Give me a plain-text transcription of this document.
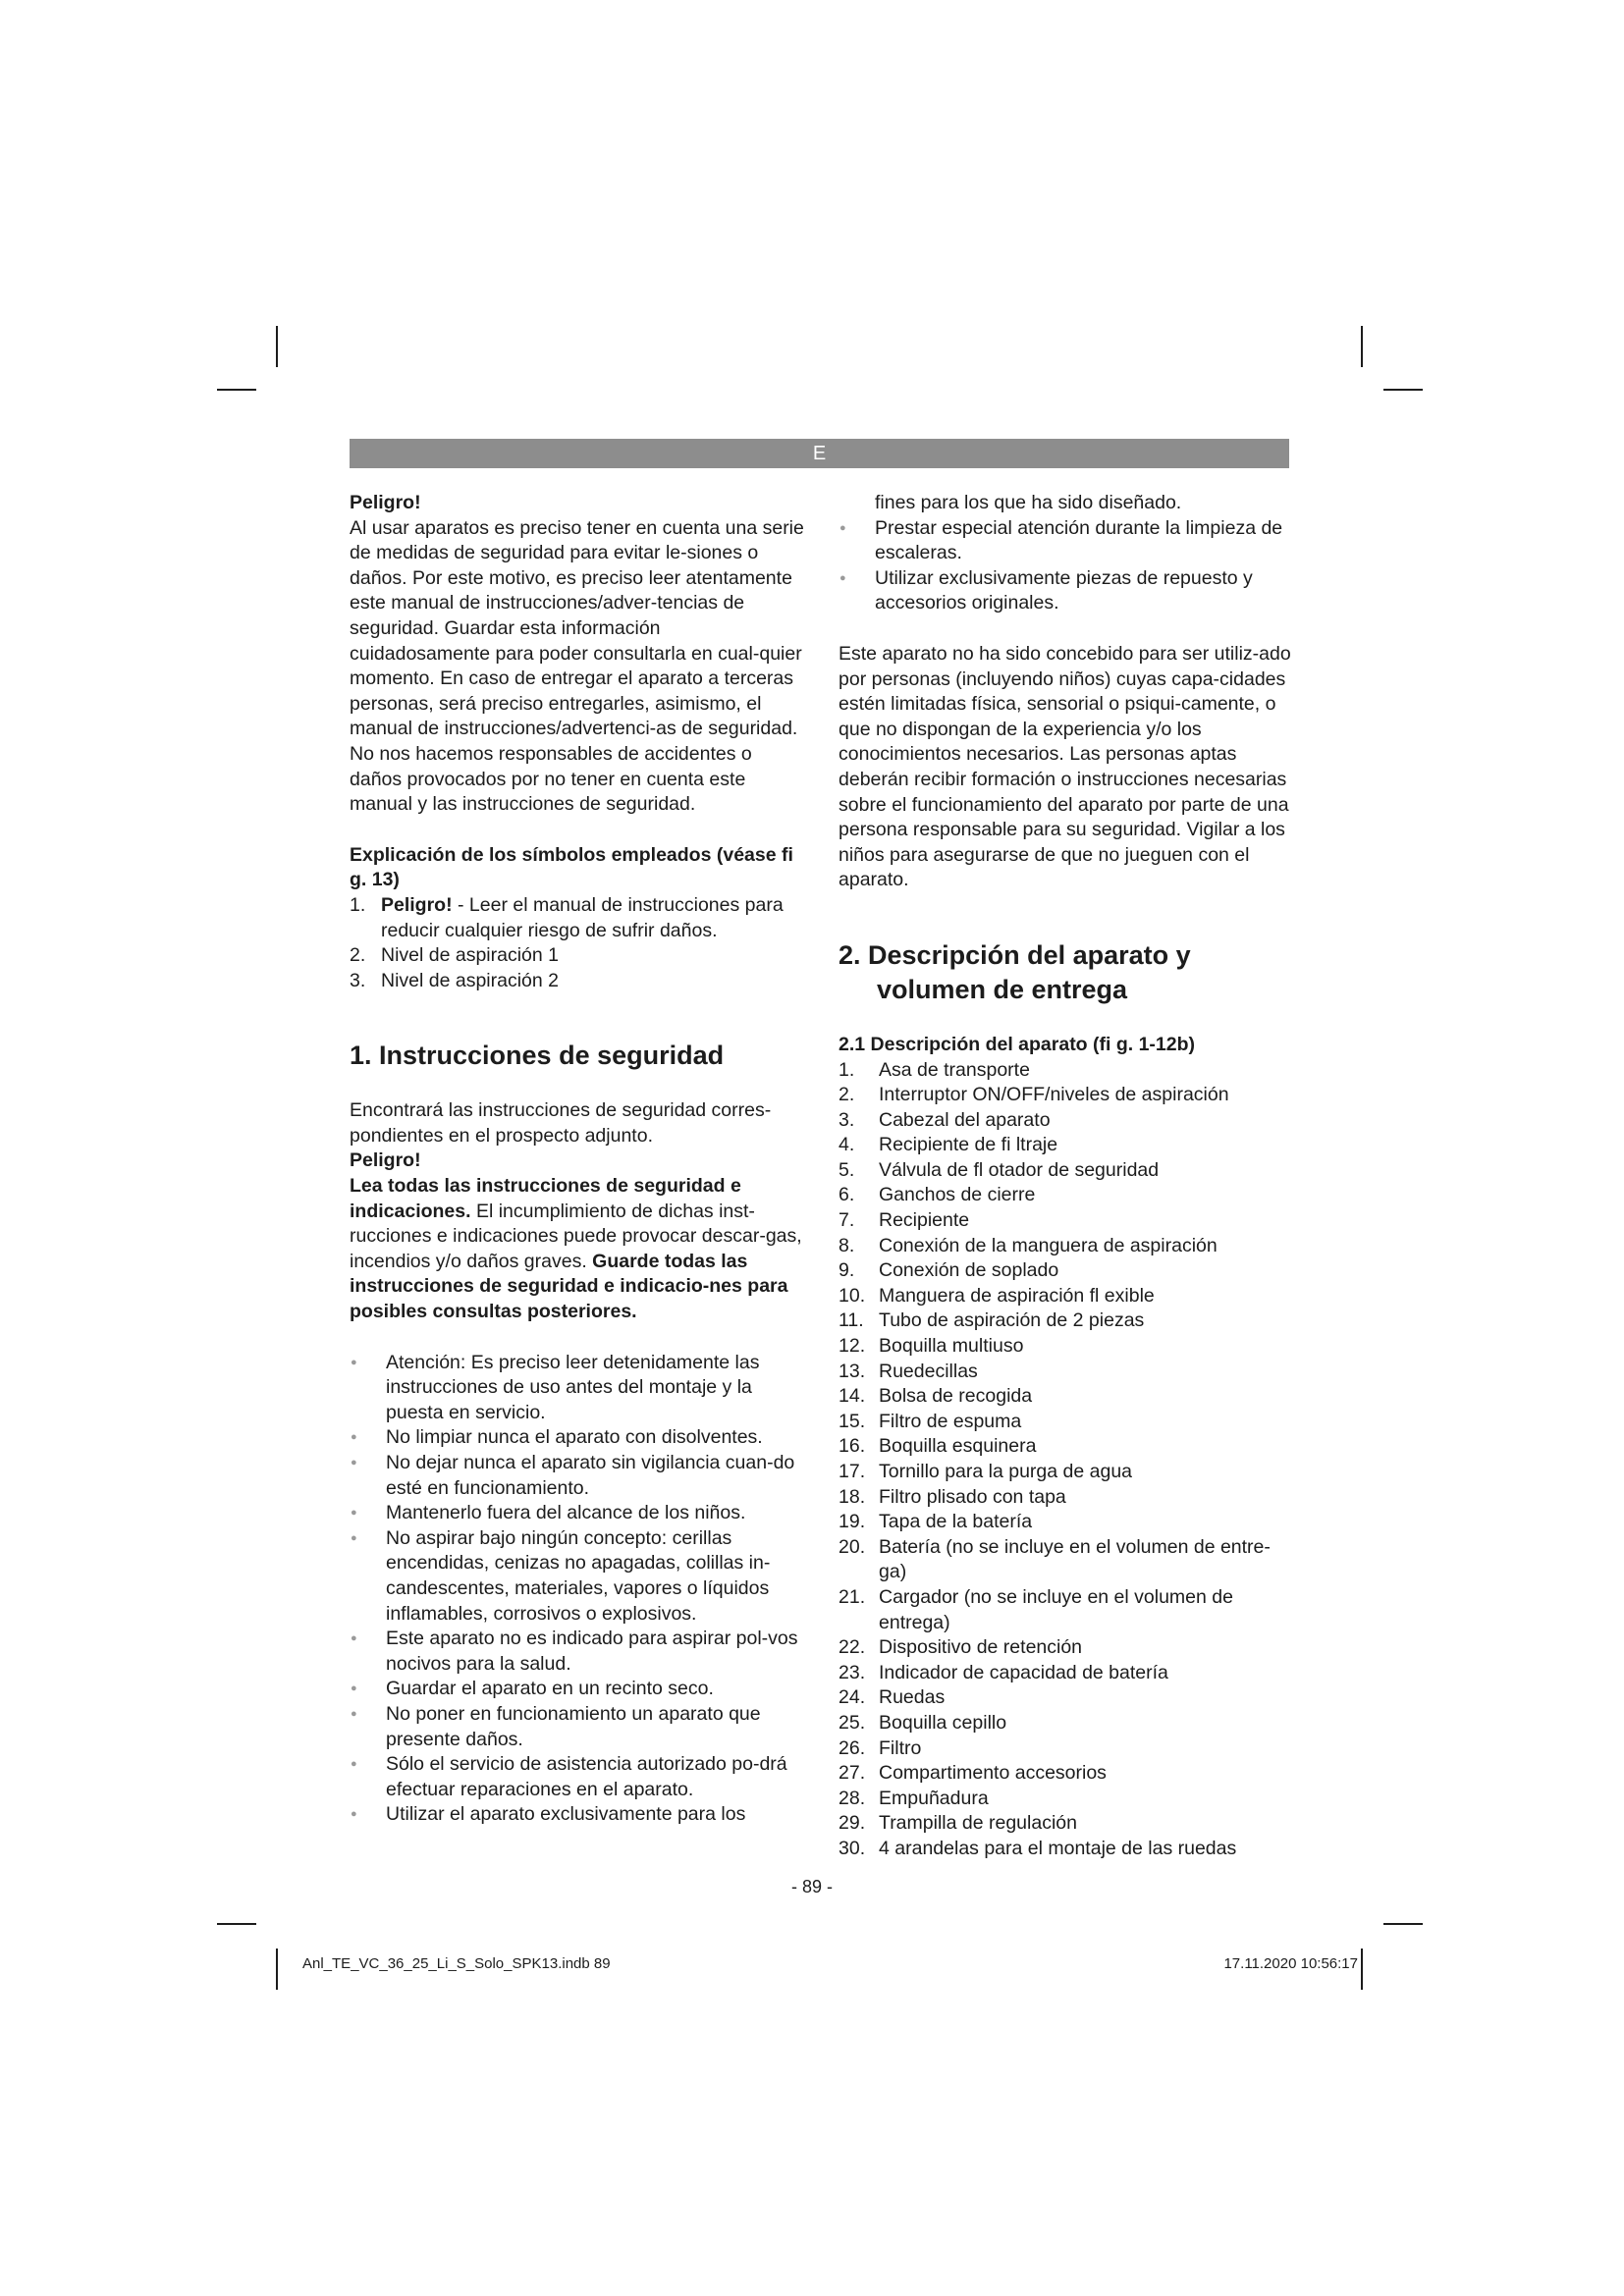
E

Peligro!

Al usar aparatos es preciso tener en cuenta una serie de medidas de seguridad para evitar le-siones o daños. Por este motivo, es preciso leer atentamente este manual de instrucciones/adver-tencias de seguridad. Guardar esta información cuidadosamente para poder consultarla en cual-quier momento. En caso de entregar el aparato a terceras personas, será preciso entregarles, asimismo, el manual de instrucciones/advertenci-as de seguridad. No nos hacemos responsables de accidentes o daños provocados por no tener en cuenta este manual y las instrucciones de seguridad.

Explicación de los símbolos empleados (véase fi g. 13)

1. Peligro! - Leer el manual de instrucciones para reducir cualquier riesgo de sufrir daños.
2. Nivel de aspiración 1
3. Nivel de aspiración 2
1. Instrucciones de seguridad

Encontrará las instrucciones de seguridad corres-pondientes en el prospecto adjunto.

Peligro!

Lea todas las instrucciones de seguridad e indicaciones. El incumplimiento de dichas inst-rucciones e indicaciones puede provocar descar-gas, incendios y/o daños graves. Guarde todas las instrucciones de seguridad e indicacio-nes para posibles consultas posteriores.

● Atención: Es preciso leer detenidamente las instrucciones de uso antes del montaje y la puesta en servicio.
● No limpiar nunca el aparato con disolventes.
● No dejar nunca el aparato sin vigilancia cuan-do esté en funcionamiento.
● Mantenerlo fuera del alcance de los niños.
● No aspirar bajo ningún concepto: cerillas encendidas, cenizas no apagadas, colillas in-candescentes, materiales, vapores o líquidos inflamables, corrosivos o explosivos.
● Este aparato no es indicado para aspirar pol-vos nocivos para la salud.
● Guardar el aparato en un recinto seco.
● No poner en funcionamiento un aparato que presente daños.
● Sólo el servicio de asistencia autorizado po-drá efectuar reparaciones en el aparato.
● Utilizar el aparato exclusivamente para los

fines para los que ha sido diseñado.

● Prestar especial atención durante la limpieza de escaleras.
● Utilizar exclusivamente piezas de repuesto y accesorios originales.

Este aparato no ha sido concebido para ser utiliz-ado por personas (incluyendo niños) cuyas capa-cidades estén limitadas física, sensorial o psiqui-camente, o que no dispongan de la experiencia y/o los conocimientos necesarios. Las personas aptas deberán recibir formación o instrucciones necesarias sobre el funcionamiento del aparato por parte de una persona responsable para su seguridad. Vigilar a los niños para asegurarse de que no jueguen con el aparato.

2. Descripción del aparato y
volumen de entrega

2.1 Descripción del aparato (fi g. 1-12b)

1. Asa de transporte
2. Interruptor ON/OFF/niveles de aspiración
3. Cabezal del aparato
4. Recipiente de fi ltraje
5. Válvula de fl otador de seguridad
6. Ganchos de cierre
7. Recipiente
8. Conexión de la manguera de aspiración
9. Conexión de soplado
10. Manguera de aspiración fl exible
11. Tubo de aspiración de 2 piezas
12. Boquilla multiuso
13. Ruedecillas
14. Bolsa de recogida
15. Filtro de espuma
16. Boquilla esquinera
17. Tornillo para la purga de agua
18. Filtro plisado con tapa
19. Tapa de la batería
20. Batería (no se incluye en el volumen de entre-ga)
21. Cargador (no se incluye en el volumen de entrega)
22. Dispositivo de retención
23. Indicador de capacidad de batería
24. Ruedas
25. Boquilla cepillo
26. Filtro
27. Compartimento accesorios
28. Empuñadura
29. Trampilla de regulación
30. 4 arandelas para el montaje de las ruedas
- 89 -
Anl_TE_VC_36_25_Li_S_Solo_SPK13.indb 89	17.11.2020 10:56:17
